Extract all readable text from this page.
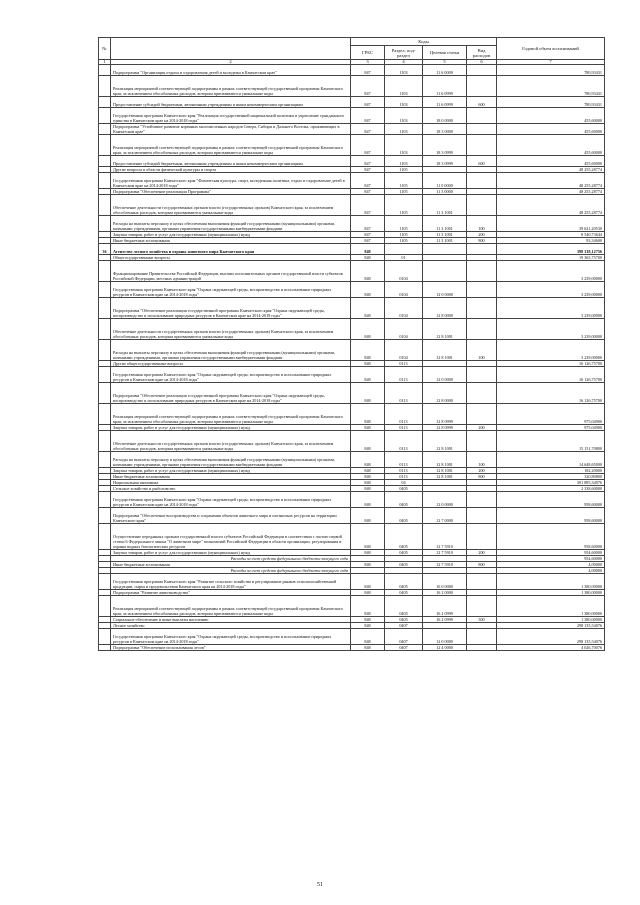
№		Коды				Годовой объем ассигнований
		ГРБС	Раздел, под- раздел	Целевая статья	Вид расходов	
1	2	3	4	5	6	7
	Подпрограмма "Организация отдыха и оздоровления детей и молодежи в Камчатском крае"	847	1103	11 6 0000		780,93431
	Реализация мероприятий соответствующей подпрограммы в рамках соответствующей государственной программы Камчатского края, за исключением обособленных расходов, которым присваиваются уникальные коды	847	1103	11 6 0999		780,93431
	Предоставление субсидий бюджетным, автономным учреждениям и иным некоммерческим организациям	847	1103	11 6 0999	600	780,93431
	Государственная программа Камчатского края "Реализация государственной национальной политики и укрепление гражданского единства в Камчатском крае на 2014-2018 годы"	847	1103	18 0 0000		455,60000
	Подпрограмма "Устойчивое развитие коренных малочисленных народов Севера, Сибири и Дальнего Востока, проживающих в Камчатском крае"	847	1103	18 3 0000		455,60000
	Реализация мероприятий соответствующей подпрограммы в рамках соответствующей государственной программы Камчатского края, за исключением обособленных расходов, которым присваиваются уникальные коды	847	1103	18 3 0999		455,60000
	Предоставление субсидий бюджетным, автономным учреждениям и иным некоммерческим организациям	847	1103	18 3 0999	600	455,60000
	Другие вопросы в области физической культуры и спорта	847	1105			48 255,28774
	Государственная программа Камчатского края "Физическая культура, спорт, молодежная политика, отдых и оздоровление детей в Камчатском крае на 2014-2018 годы"	847	1105	11 0 0000		48 255,28774
	Подпрограмма "Обеспечение реализации Программы"	847	1105	11 3 0000		48 255,28774
	Обеспечение деятельности государственных органов власти (государственных органов) Камчатского края, за исключением обособленных расходов, которым присваиваются уникальные коды	847	1105	11 3 1001		48 255,28774
	Расходы на выплаты персоналу в целях обеспечения выполнения функций государственными (муниципальными) органами, казенными учреждениями, органами управления государственными внебюджетными фондами	847	1105	11 3 1001	100	39 621,20530
	Закупка товаров, работ и услуг для государственных (муниципальных) нужд	847	1105	11 3 1001	200	8 540,73644
	Иные бюджетные ассигнования	847	1105	11 3 1001	800	93,34600
36	Агентство лесного хозяйства и охраны животного мира Камчатского края	848				398 318,12756
	Общегосударственные вопросы	848	01			19 365,75700
	Функционирование Правительства Российской Федерации, высших исполнительных органов государственной власти субъектов Российской Федерации, местных администраций	848	0104			3 239,00000
	Государственная программа Камчатского края "Охрана окружающей среды, воспроизводство и использование природных ресурсов в Камчатском крае на 2014-2018 годы"	848	0104	12 0 0000		3 239,00000
	Подпрограмма "Обеспечение реализации государственной программы Камчатского края "Охрана окружающей среды, воспроизводство и использование природных ресурсов в Камчатском крае на 2014-2018 годы"	848	0104	12 8 0000		3 239,00000
	Обеспечение деятельности государственных органов власти (государственных органов) Камчатского края, за исключением обособленных расходов, которым присваиваются уникальные коды	848	0104	12 8 1001		3 239,00000
	Расходы на выплаты персоналу в целях обеспечения выполнения функций государственными (муниципальными) органами, казенными учреждениями, органами управления государственными внебюджетными фондами	848	0104	12 8 1001	100	3 239,00000
	Другие общегосударственные вопросы	848	0113			16 126,75700
	Государственная программа Камчатского края "Охрана окружающей среды, воспроизводство и использование природных ресурсов в Камчатском крае на 2014-2018 годы"	848	0113	12 0 0000		16 126,75700
	Подпрограмма "Обеспечение реализации государственной программы Камчатского края "Охрана окружающей среды, воспроизводство и использование природных ресурсов в Камчатском крае на 2014-2018 годы"	848	0113	12 8 0000		16 126,75700
	Реализация мероприятий соответствующей подпрограммы в рамках соответствующей государственной программы Камчатского края, за исключением обособленных расходов, которым присваиваются уникальные коды	848	0113	12 8 0999		975,04900
	Закупка товаров, работ и услуг для государственных (муниципальных) нужд	848	0113	12 8 0999	200	975,04900
	Обеспечение деятельности государственных органов власти (государственных органов) Камчатского края, за исключением обособленных расходов, которым присваиваются уникальные коды	848	0113	12 8 1001		15 151,70800
	Расходы на выплаты персоналу в целях обеспечения выполнения функций государственными (муниципальными) органами, казенными учреждениями, органами управления государственными внебюджетными фондами	848	0113	12 8 1001	100	14 648,65000
	Закупка товаров, работ и услуг для государственных (муниципальных) нужд	848	0113	12 8 1001	200	182,20000
	Иные бюджетные ассигнования	848	0113	12 8 1001	800	320,80800
	Национальная экономика	848	04			301 885,34076
	Сельское хозяйство и рыболовство	848	0405			2 338,60000
	Государственная программа Камчатского края "Охрана окружающей среды, воспроизводство и использование природных ресурсов в Камчатском крае на 2014-2018 годы"	848	0405	12 0 0000		958,60000
	Подпрограмма "Обеспечение воспроизводства и сохранения объектов животного мира и охотничьих ресурсов на территории Камчатского края"	848	0405	12 7 0000		958,60000
	Осуществление переданных органам государственной власти субъектов Российской Федерации в соответствии с частью первой статьи 6 Федерального закона "О животном мире" полномочий Российской Федерации в области организации, регулирования и охраны водных биологических ресурсов	848	0405	12 7 5910		958,60000
	Закупка товаров, работ и услуг для государственных (муниципальных) нужд	848	0405	12 7 5910	200	954,60000
	Расходы за счет средств федерального бюджета текущего года					954,60000
	Иные бюджетные ассигнования	848	0405	12 7 5910	800	4,00000
	Расходы за счет средств федерального бюджета текущего года					4,00000
	Государственная программа Камчатского края "Развитие сельского хозяйства и регулирование рынков сельскохозяйственной продукции, сырья и продовольствия Камчатского края на 2014-2018 годы"	848	0405	16 0 0000		1 380,00000
	Подпрограмма "Развитие животноводства"	848	0405	16 2 0000		1 380,00000
	Реализация мероприятий соответствующей подпрограммы в рамках соответствующей государственной программы Камчатского края, за исключением обособленных расходов, которым присваиваются уникальные коды	848	0405	16 2 0999		1 380,00000
	Социальное обеспечение и иные выплаты населению	848	0405	16 2 0999	300	1 380,00000
	Лесное хозяйство	848	0407			298 135,54076
	Государственная программа Камчатского края "Охрана окружающей среды, воспроизводство и использование природных ресурсов в Камчатском крае на 2014-2018 годы"	848	0407	12 0 0000		298 135,54076
	Подпрограмма "Обеспечение использования лесов"	848	0407	12 4 0000		4 026,70076
51
